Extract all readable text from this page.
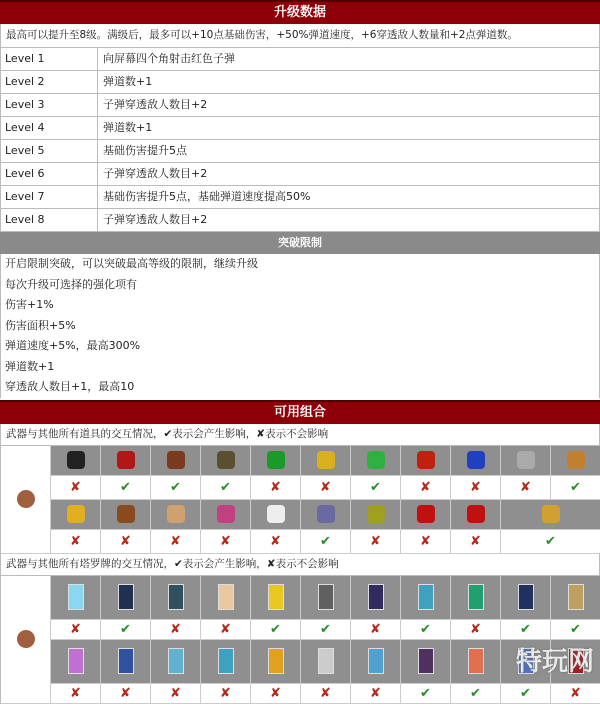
升级数据
最高可以提升至8级。满级后，最多可以+10点基础伤害，+50%弹道速度，+6穿透敌人数量和+2点弹道数。
Level 1	向屏幕四个角射击红色子弹
Level 2	弹道数+1
Level 3	子弹穿透敌人数目+2
Level 4	弹道数+1
Level 5	基础伤害提升5点
Level 6	子弹穿透敌人数目+2
Level 7	基础伤害提升5点，基础弹道速度提高50%
Level 8	子弹穿透敌人数目+2
突破限制
开启限制突破，可以突破最高等级的限制，继续升级
每次升级可选择的强化项有
伤害+1%
伤害面积+5%
弹道速度+5%，最高300%
弹道数+1
穿透敌人数目+1，最高10
可用组合
武器与其他所有道具的交互情况，✔表示会产生影响，✘表示不会影响
✘	✔	✔	✔	✘	✘	✔	✘	✘	✘	✔
✘	✘	✘	✘	✘	✔	✘	✘	✘	✔
武器与其他所有塔罗牌的交互情况，✔表示会产生影响，✘表示不会影响
✘	✔	✘	✘	✔	✔	✘	✔	✘	✔	✔
✘	✘	✘	✘	✘	✘	✘	✔	✔	✔	✘
特玩网
